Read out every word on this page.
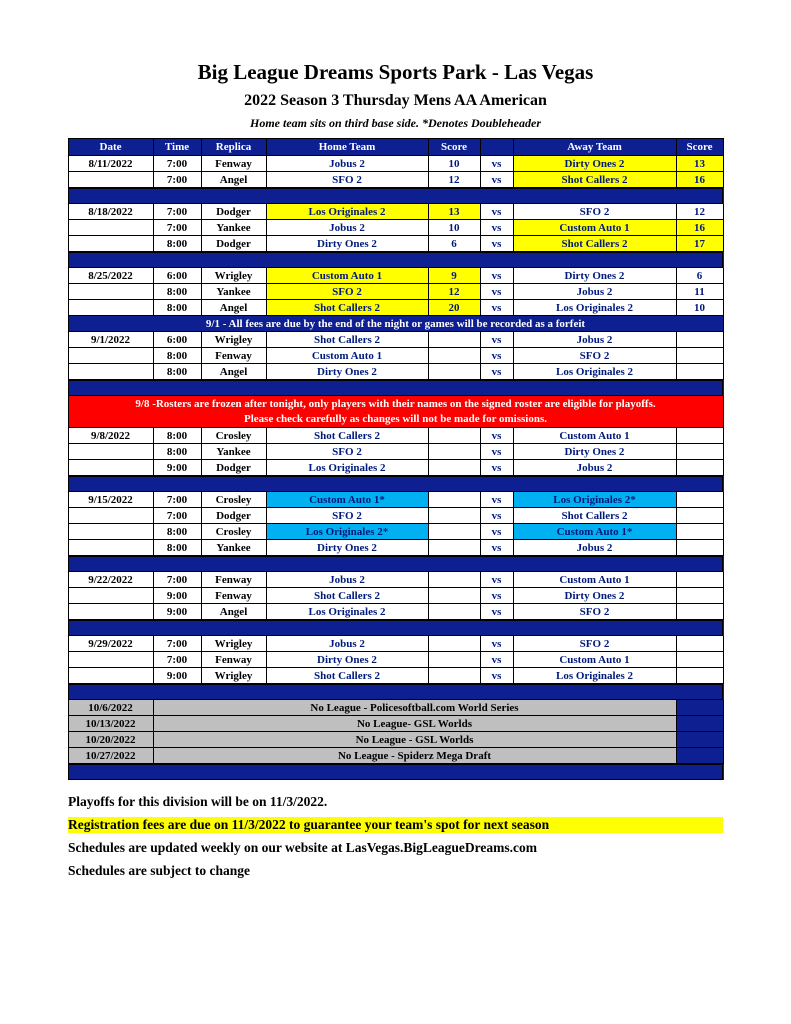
Big League Dreams Sports Park - Las Vegas
2022 Season 3 Thursday Mens AA American
Home team sits on third base side. *Denotes Doubleheader
Date	Time	Replica	Home Team	Score		Away Team	Score
8/11/2022	7:00	Fenway	Jobus 2	10	vs	Dirty Ones 2	13
	7:00	Angel	SFO 2	12	vs	Shot Callers 2	16

8/18/2022	7:00	Dodger	Los Originales 2	13	vs	SFO 2	12
	7:00	Yankee	Jobus 2	10	vs	Custom Auto 1	16
	8:00	Dodger	Dirty Ones 2	6	vs	Shot Callers 2	17

8/25/2022	6:00	Wrigley	Custom Auto 1	9	vs	Dirty Ones 2	6
	8:00	Yankee	SFO 2	12	vs	Jobus 2	11
	8:00	Angel	Shot Callers 2	20	vs	Los Originales 2	10

9/1 - All fees are due by the end of the night or games will be recorded as a forfeit							

9/1/2022	6:00	Wrigley	Shot Callers 2		vs	Jobus 2	
	8:00	Fenway	Custom Auto 1		vs	SFO 2	
	8:00	Angel	Dirty Ones 2		vs	Los Originales 2	

9/8 -Rosters are frozen after tonight, only players with their names on the signed roster are eligible for playoffs.
Please check carefully as changes will not be made for omissions.							

9/8/2022	8:00	Crosley	Shot Callers 2		vs	Custom Auto 1	
	8:00	Yankee	SFO 2		vs	Dirty Ones 2	
	9:00	Dodger	Los Originales 2		vs	Jobus 2	

9/15/2022	7:00	Crosley	Custom Auto 1*		vs	Los Originales 2*	
	7:00	Dodger	SFO 2		vs	Shot Callers 2	
	8:00	Crosley	Los Originales 2*		vs	Custom Auto 1*	
	8:00	Yankee	Dirty Ones 2		vs	Jobus 2	

9/22/2022	7:00	Fenway	Jobus 2		vs	Custom Auto 1	
	9:00	Fenway	Shot Callers 2		vs	Dirty Ones 2	
	9:00	Angel	Los Originales 2		vs	SFO 2	

9/29/2022	7:00	Wrigley	Jobus 2		vs	SFO 2	
	7:00	Fenway	Dirty Ones 2		vs	Custom Auto 1	
	9:00	Wrigley	Shot Callers 2		vs	Los Originales 2	

10/6/2022	No League - Policesoftball.com World Series						
10/13/2022	No League- GSL Worlds						
10/20/2022	No League - GSL Worlds						
10/27/2022	No League - Spiderz Mega Draft						

Playoffs for this division will be on 11/3/2022.
Registration fees are due on 11/3/2022 to guarantee your team's spot for next season
Schedules are updated weekly on our website at LasVegas.BigLeagueDreams.com
Schedules are subject to change
